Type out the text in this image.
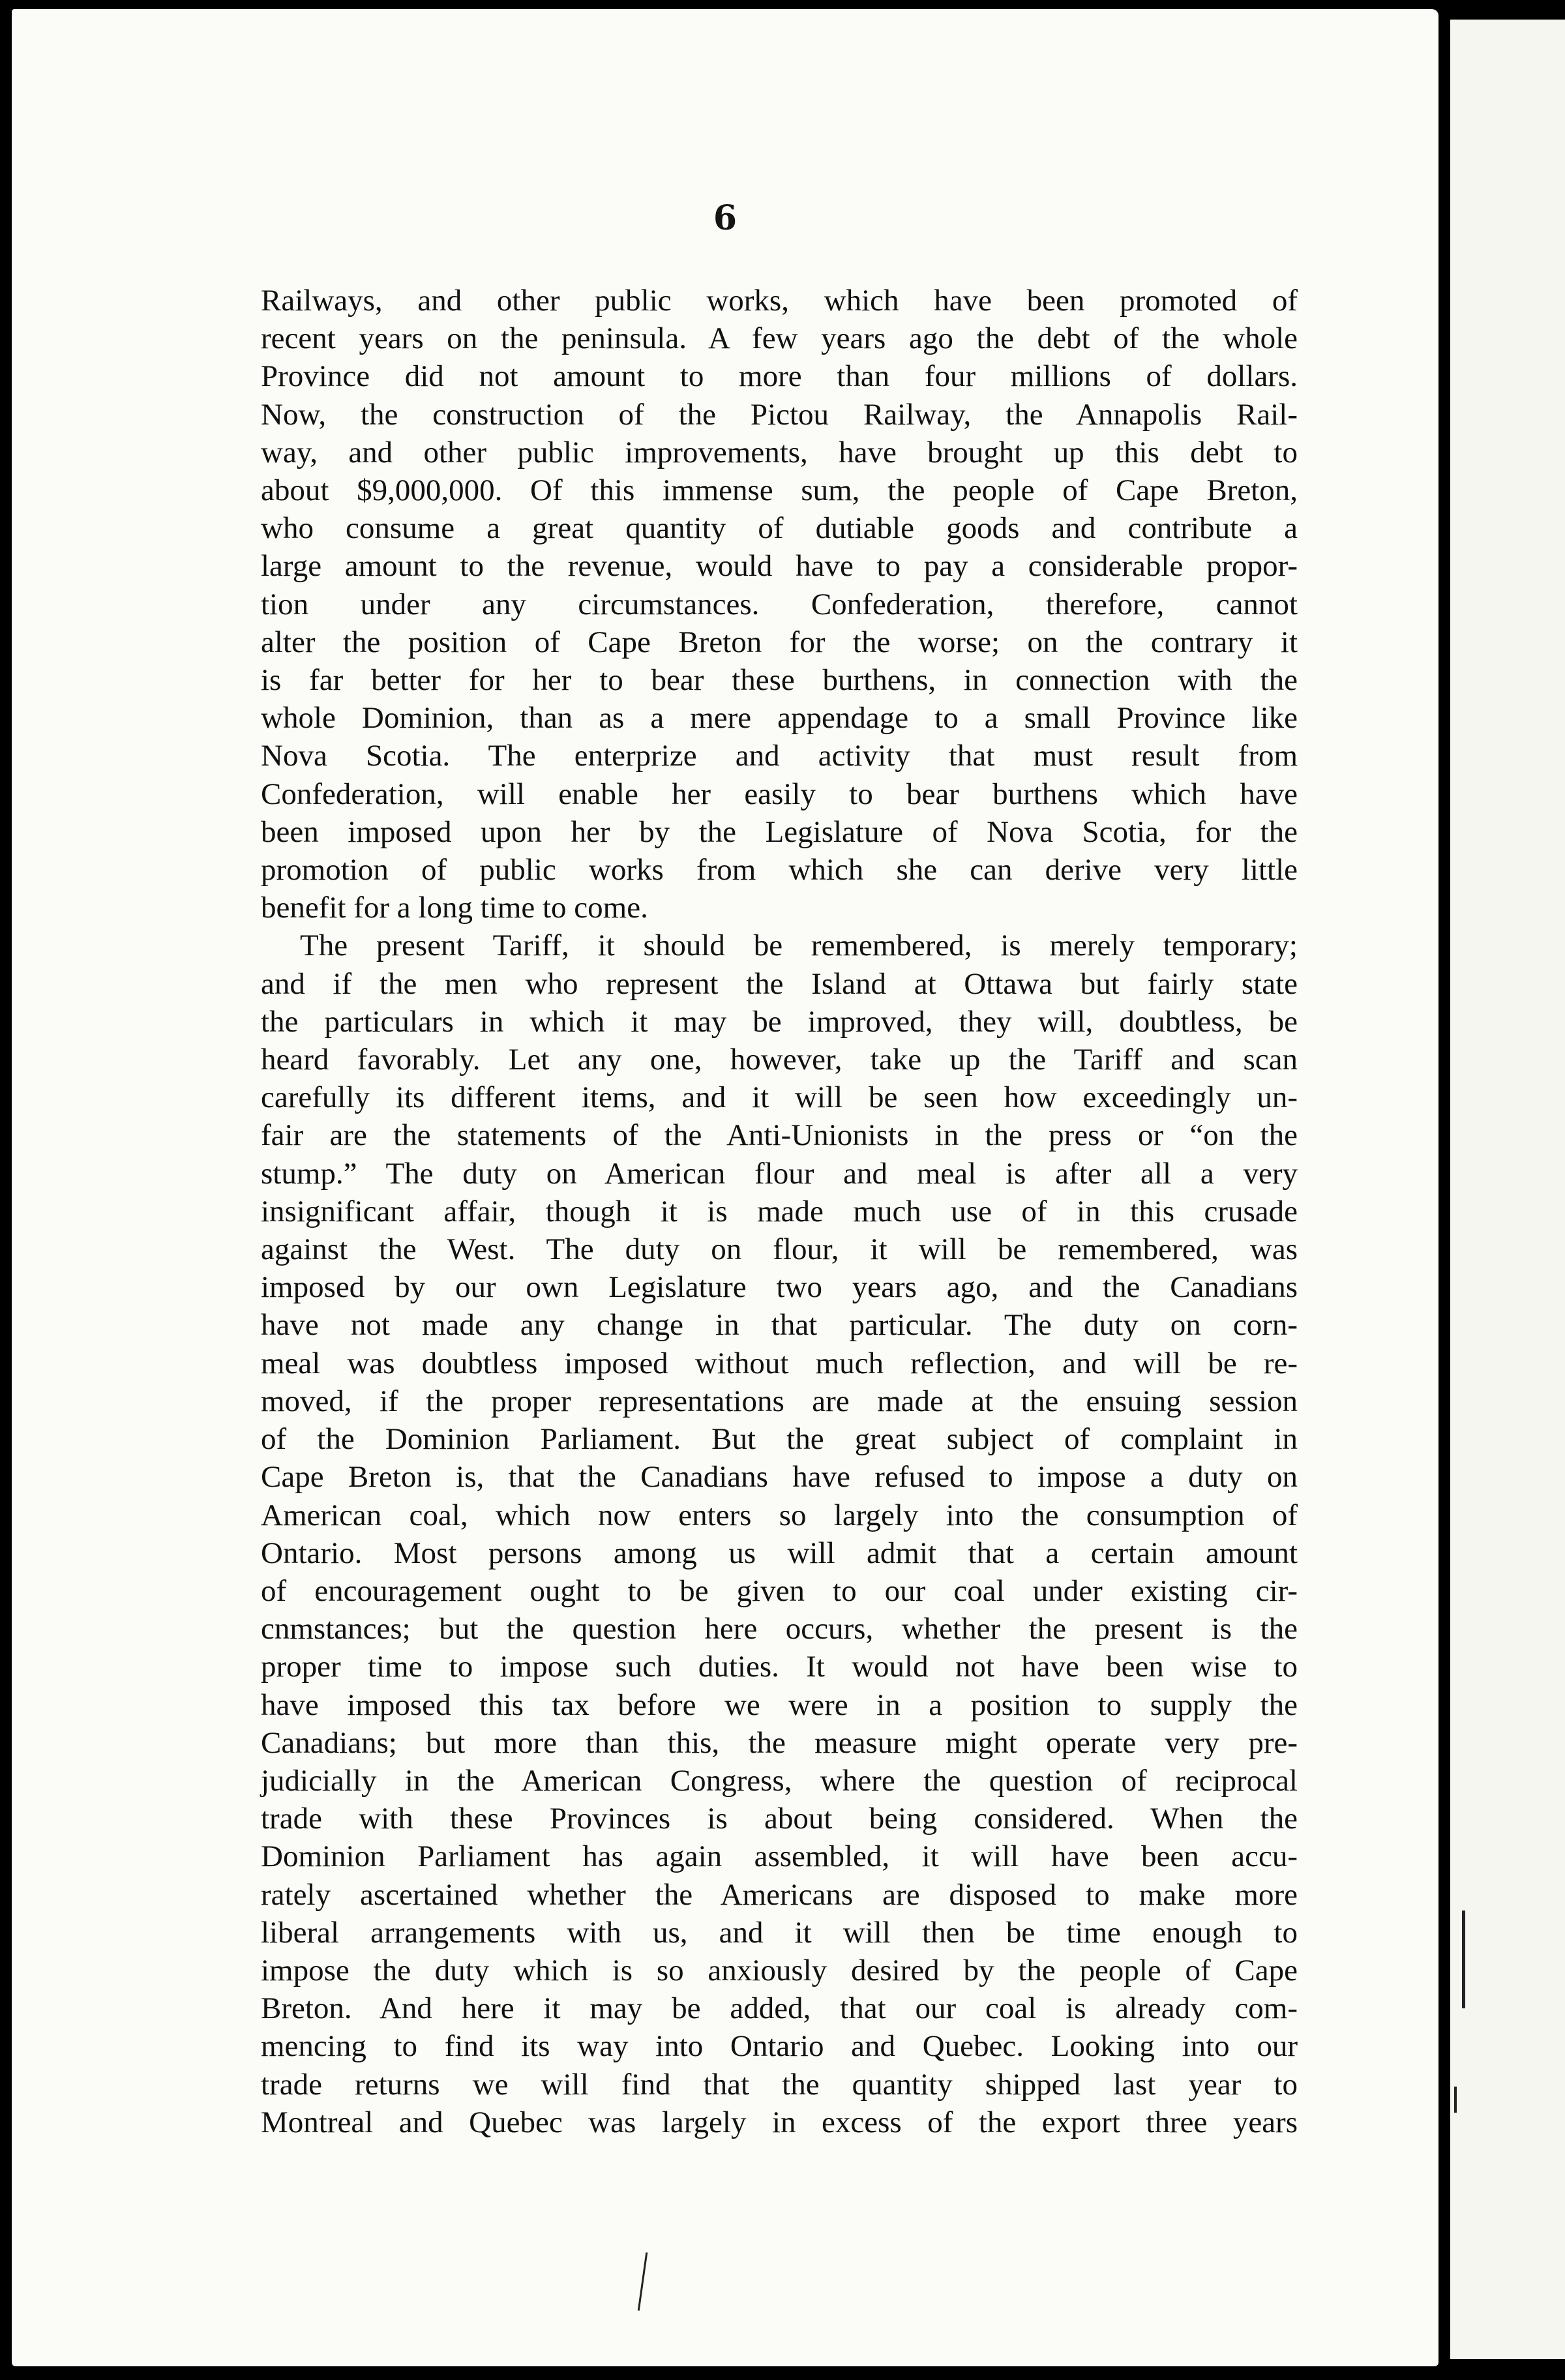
6

Railways, and other public works, which have been promoted of
recent years on the peninsula. A few years ago the debt of the whole
Province did not amount to more than four millions of dollars.
Now, the construction of the Pictou Railway, the Annapolis Rail-
way, and other public improvements, have brought up this debt to
about $9,000,000. Of this immense sum, the people of Cape Breton,
who consume a great quantity of dutiable goods and contribute a
large amount to the revenue, would have to pay a considerable propor-
tion under any circumstances. Confederation, therefore, cannot
alter the position of Cape Breton for the worse; on the contrary it
is far better for her to bear these burthens, in connection with the
whole Dominion, than as a mere appendage to a small Province like
Nova Scotia. The enterprize and activity that must result from
Confederation, will enable her easily to bear burthens which have
been imposed upon her by the Legislature of Nova Scotia, for the
promotion of public works from which she can derive very little
benefit for a long time to come.
The present Tariff, it should be remembered, is merely temporary;
and if the men who represent the Island at Ottawa but fairly state
the particulars in which it may be improved, they will, doubtless, be
heard favorably. Let any one, however, take up the Tariff and scan
carefully its different items, and it will be seen how exceedingly un-
fair are the statements of the Anti-Unionists in the press or “on the
stump.” The duty on American flour and meal is after all a very
insignificant affair, though it is made much use of in this crusade
against the West. The duty on flour, it will be remembered, was
imposed by our own Legislature two years ago, and the Canadians
have not made any change in that particular. The duty on corn-
meal was doubtless imposed without much reflection, and will be re-
moved, if the proper representations are made at the ensuing session
of the Dominion Parliament. But the great subject of complaint in
Cape Breton is, that the Canadians have refused to impose a duty on
American coal, which now enters so largely into the consumption of
Ontario. Most persons among us will admit that a certain amount
of encouragement ought to be given to our coal under existing cir-
cnmstances; but the question here occurs, whether the present is the
proper time to impose such duties. It would not have been wise to
have imposed this tax before we were in a position to supply the
Canadians; but more than this, the measure might operate very pre-
judicially in the American Congress, where the question of reciprocal
trade with these Provinces is about being considered. When the
Dominion Parliament has again assembled, it will have been accu-
rately ascertained whether the Americans are disposed to make more
liberal arrangements with us, and it will then be time enough to
impose the duty which is so anxiously desired by the people of Cape
Breton. And here it may be added, that our coal is already com-
mencing to find its way into Ontario and Quebec. Looking into our
trade returns we will find that the quantity shipped last year to
Montreal and Quebec was largely in excess of the export three years
